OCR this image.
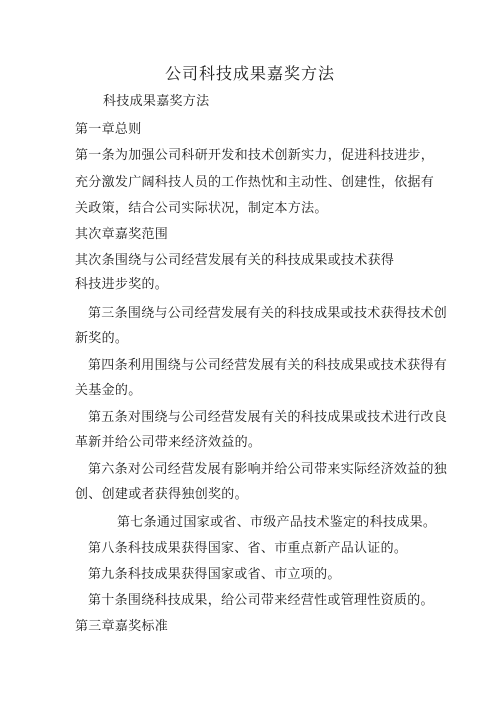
公司科技成果嘉奖方法
科技成果嘉奖方法
第一章总则
第一条为加强公司科研开发和技术创新实力，促进科技进步，
充分激发广阔科技人员的工作热忱和主动性、创建性，依据有
关政策，结合公司实际状况，制定本方法。
其次章嘉奖范围
其次条围绕与公司经营发展有关的科技成果或技术获得
科技进步奖的。
第三条围绕与公司经营发展有关的科技成果或技术获得技术创
新奖的。
第四条利用围绕与公司经营发展有关的科技成果或技术获得有
关基金的。
第五条对围绕与公司经营发展有关的科技成果或技术进行改良
革新并给公司带来经济效益的。
第六条对公司经营发展有影响并给公司带来实际经济效益的独
创、创建或者获得独创奖的。
第七条通过国家或省、市级产品技术鉴定的科技成果。
第八条科技成果获得国家、省、市重点新产品认证的。
第九条科技成果获得国家或省、市立项的。
第十条围绕科技成果，给公司带来经营性或管理性资质的。
第三章嘉奖标准
